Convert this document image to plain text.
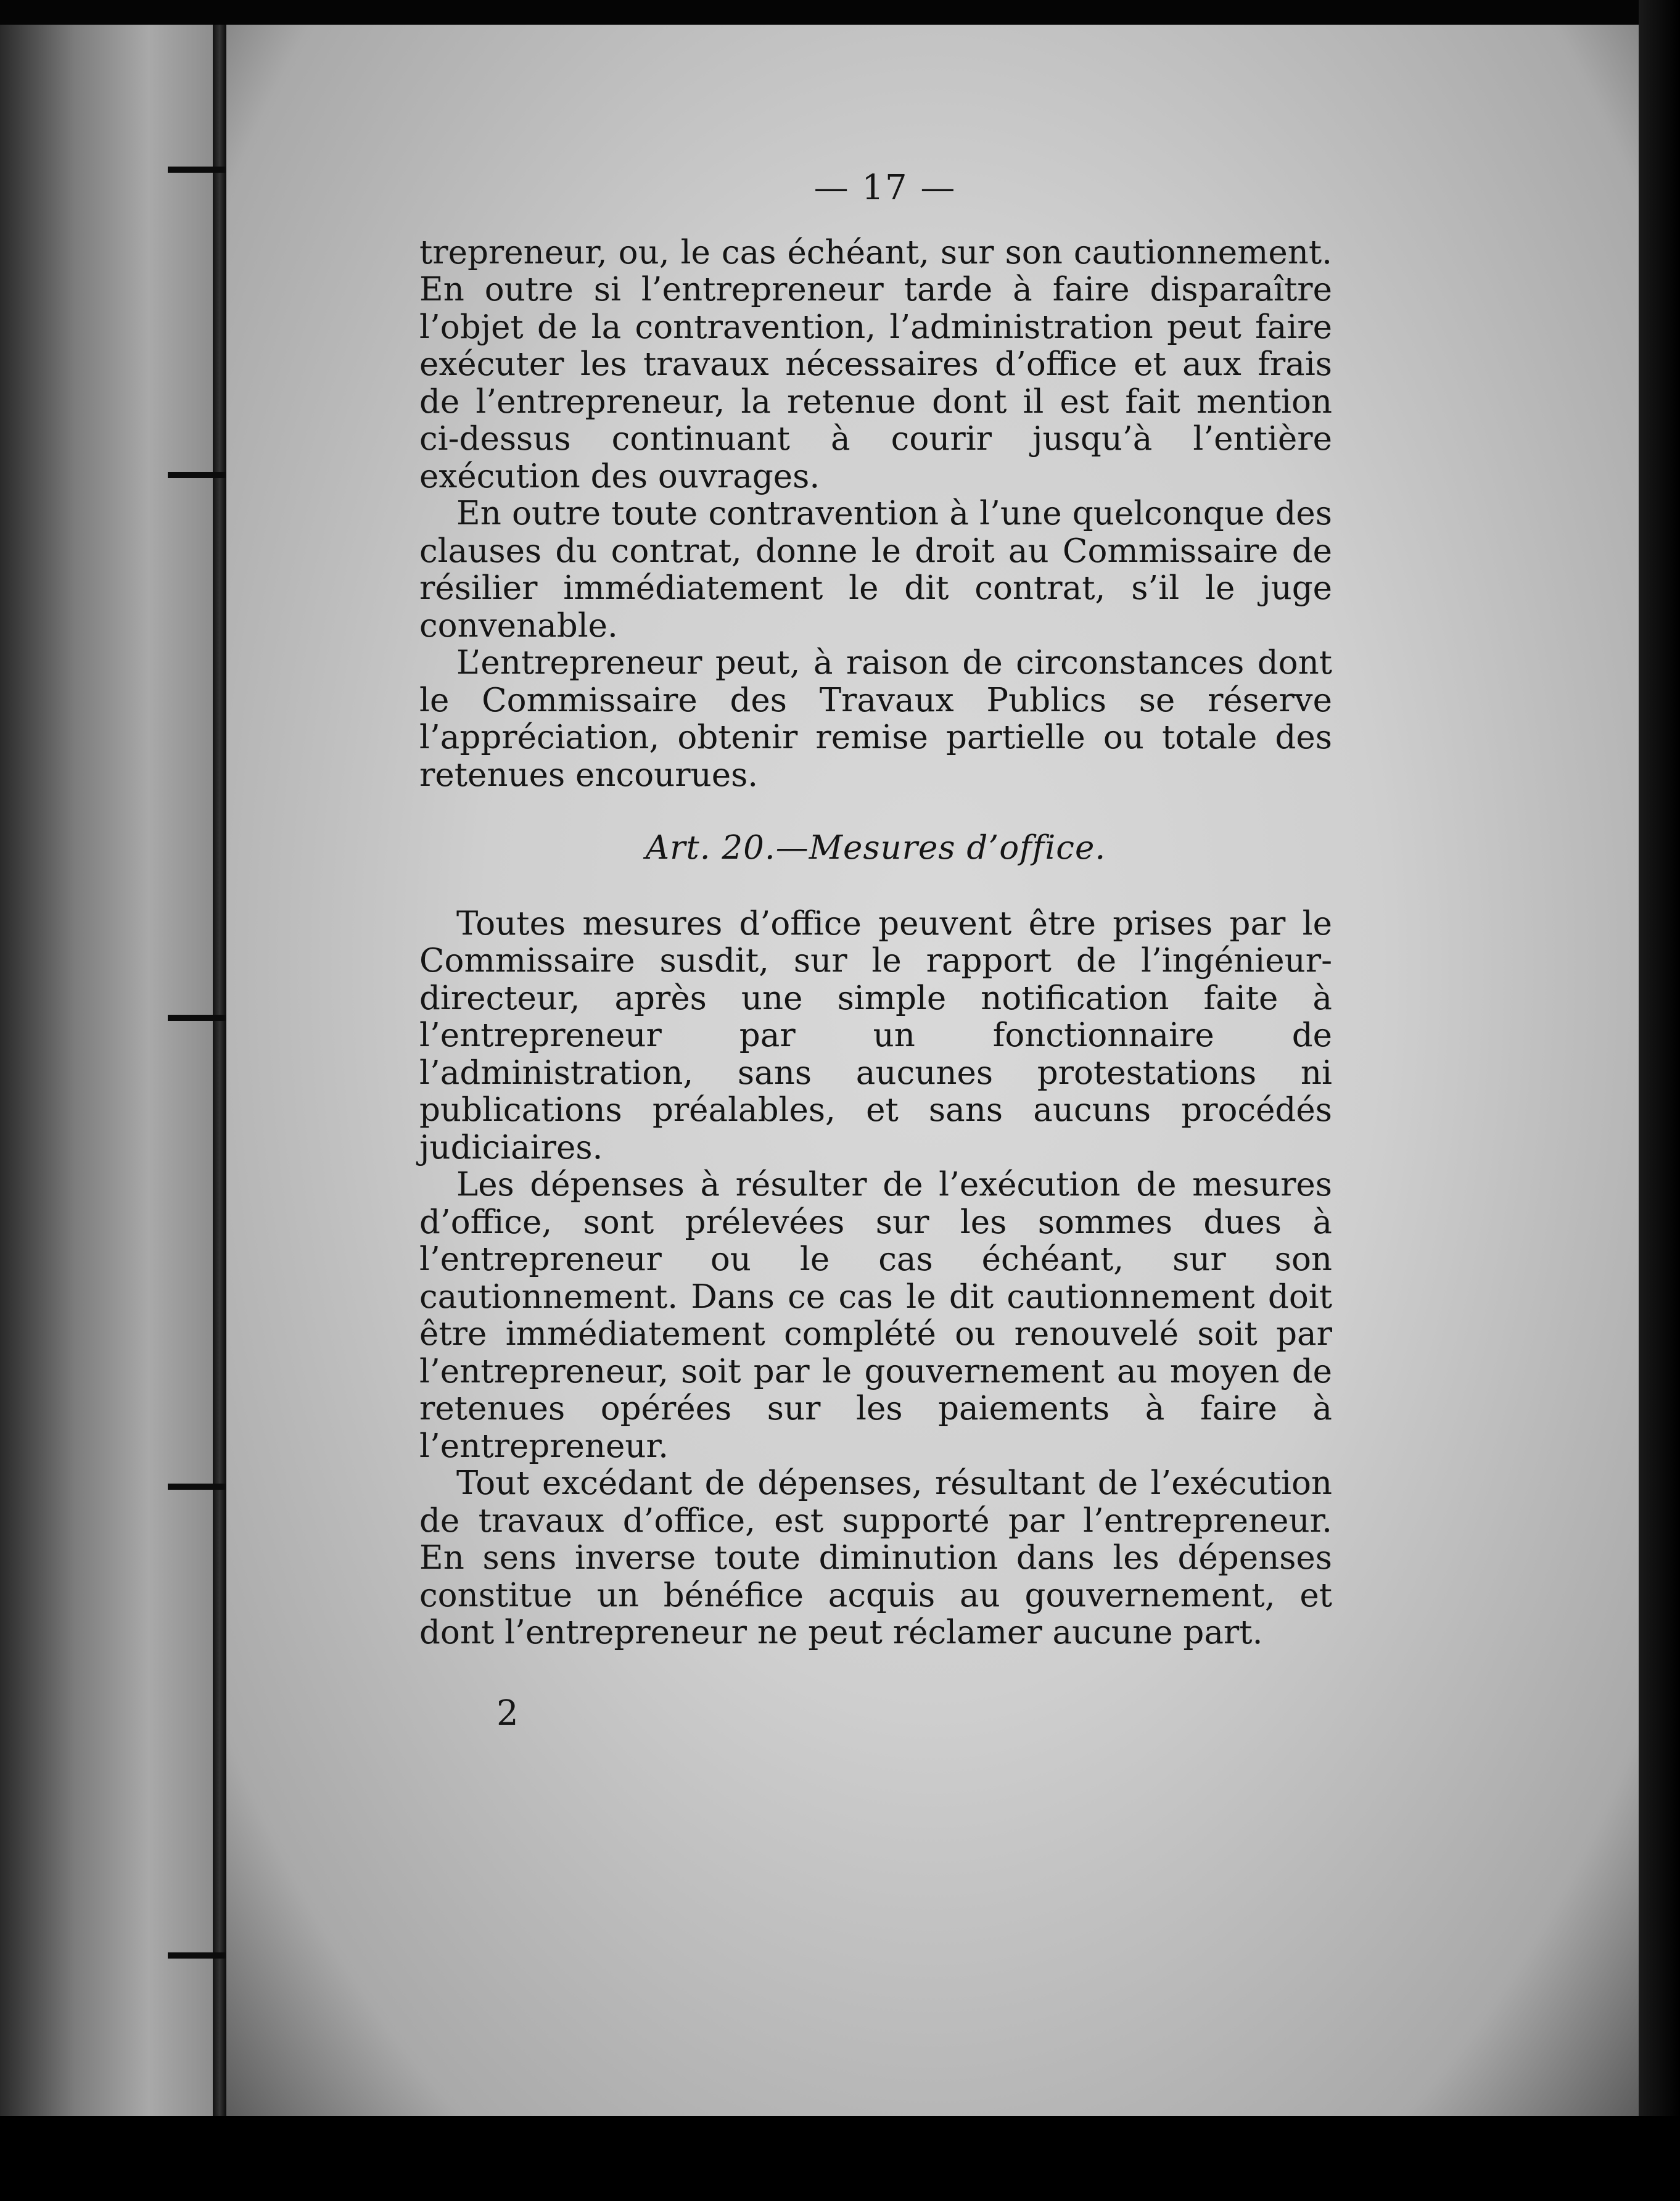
— 17 —

trepreneur, ou, le cas échéant, sur son cautionnement. En outre si l’entrepreneur tarde à faire disparaître l’objet de la contravention, l’administration peut faire exécuter les travaux nécessaires d’office et aux frais de l’entrepreneur, la retenue dont il est fait mention ci-dessus continuant à courir jusqu’à l’entière exécution des ouvrages.

En outre toute contravention à l’une quelconque des clauses du contrat, donne le droit au Commissaire de résilier immédiatement le dit contrat, s’il le juge convenable.

L’entrepreneur peut, à raison de circonstances dont le Commissaire des Travaux Publics se réserve l’appréciation, obtenir remise partielle ou totale des retenues encourues.

Art. 20.—Mesures d’office.

Toutes mesures d’office peuvent être prises par le Commissaire susdit, sur le rapport de l’ingénieur-directeur, après une simple notification faite à l’entrepreneur par un fonctionnaire de l’administration, sans aucunes protestations ni publications préalables, et sans aucuns procédés judiciaires.

Les dépenses à résulter de l’exécution de mesures d’office, sont prélevées sur les sommes dues à l’entrepreneur ou le cas échéant, sur son cautionnement. Dans ce cas le dit cautionnement doit être immédiatement complété ou renouvelé soit par l’entrepreneur, soit par le gouvernement au moyen de retenues opérées sur les paiements à faire à l’entrepreneur.

Tout excédant de dépenses, résultant de l’exécution de travaux d’office, est supporté par l’entrepreneur. En sens inverse toute diminution dans les dépenses constitue un bénéfice acquis au gouvernement, et dont l’entrepreneur ne peut réclamer aucune part.

2
